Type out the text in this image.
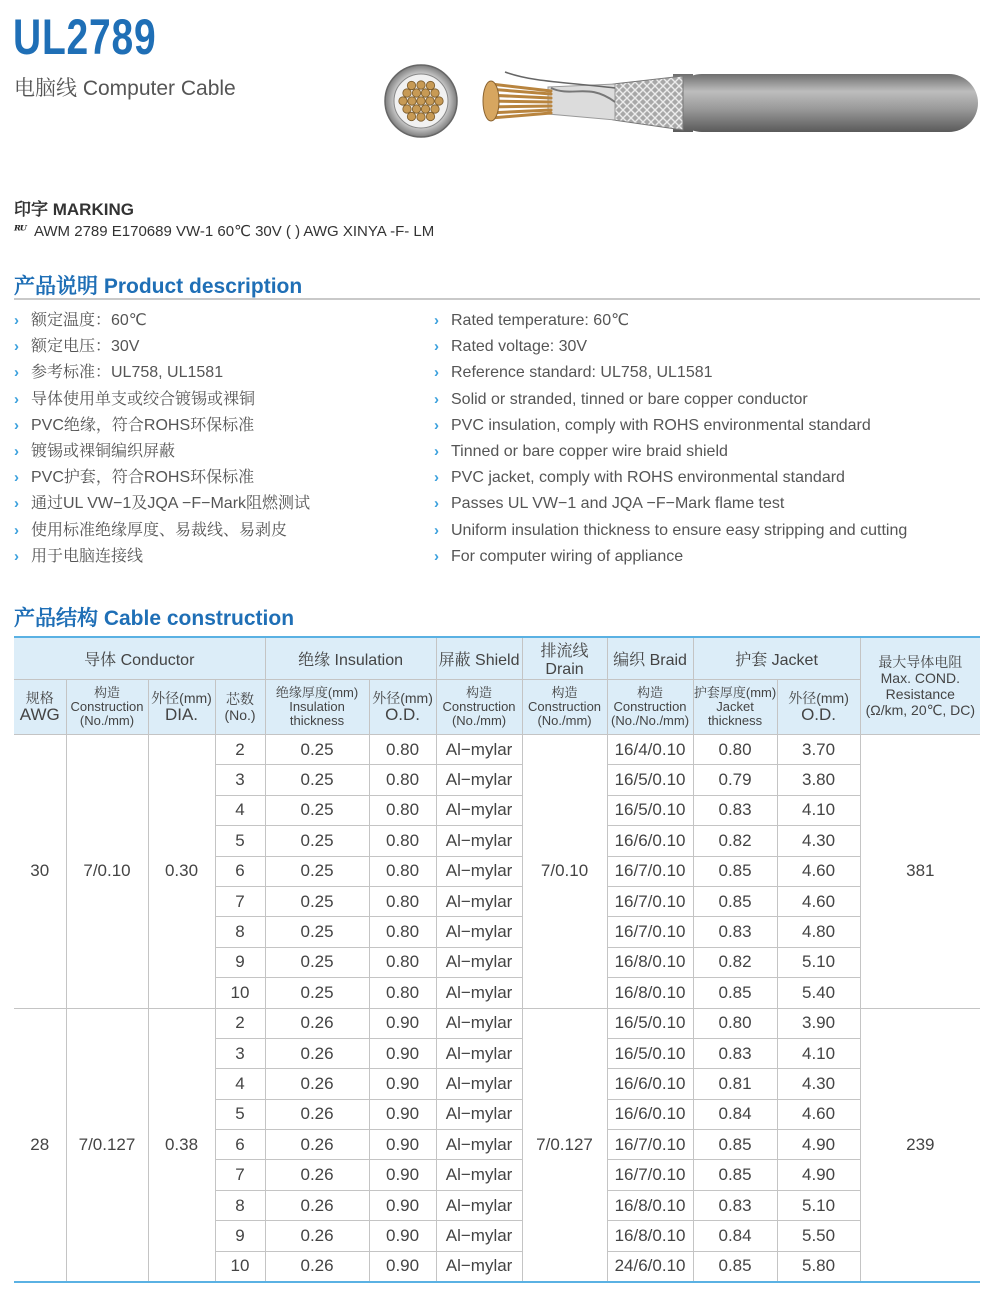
UL2789
电脑线 Computer Cable
印字 MARKING
ᴿᵁ AWM 2789 E170689 VW-1 60℃ 30V ( ) AWG XINYA -F- LM
产品说明 Product description
› 额定温度：60℃
› 额定电压：30V
› 参考标准：UL758, UL1581
› 导体使用单支或绞合镀锡或裸铜
› PVC绝缘，符合ROHS环保标准
› 镀锡或裸铜编织屏蔽
› PVC护套，符合ROHS环保标准
› 通过UL VW−1及JQA −F−Mark阻燃测试
› 使用标准绝缘厚度、易裁线、易剥皮
› 用于电脑连接线
› Rated temperature: 60℃
› Rated voltage: 30V
› Reference standard: UL758, UL1581
› Solid or stranded, tinned or bare copper conductor
› PVC insulation, comply with ROHS environmental standard
› Tinned or bare copper wire braid shield
› PVC jacket, comply with ROHS environmental standard
› Passes UL VW−1 and JQA −F−Mark flame test
› Uniform insulation thickness to ensure easy stripping and cutting
› For computer wiring of appliance
产品结构 Cable construction
导体 Conductor				绝缘 Insulation		屏蔽 Shield	排流线 Drain	编织 Braid	护套 Jacket		最大导体电阻
Max. COND.
Resistance
(Ω/km, 20℃, DC)

规格
AWG	构造
Construction
(No./mm)	外径(mm)
DIA.	芯数
(No.)	绝缘厚度(mm)
Insulation
thickness	外径(mm)
O.D.	构造
Construction
(No./mm)	构造
Construction
(No./mm)	构造
Construction
(No./No./mm)	护套厚度(mm)
Jacket
thickness	外径(mm)
O.D.	

30	7/0.10	0.30	2	0.25	0.80	Al−mylar	7/0.10	16/4/0.10	0.80	3.70	381
			3	0.25	0.80	Al−mylar		16/5/0.10	0.79	3.80	
			4	0.25	0.80	Al−mylar		16/5/0.10	0.83	4.10	
			5	0.25	0.80	Al−mylar		16/6/0.10	0.82	4.30	
			6	0.25	0.80	Al−mylar		16/7/0.10	0.85	4.60	
			7	0.25	0.80	Al−mylar		16/7/0.10	0.85	4.60	
			8	0.25	0.80	Al−mylar		16/7/0.10	0.83	4.80	
			9	0.25	0.80	Al−mylar		16/8/0.10	0.82	5.10	
			10	0.25	0.80	Al−mylar		16/8/0.10	0.85	5.40	
28	7/0.127	0.38	2	0.26	0.90	Al−mylar	7/0.127	16/5/0.10	0.80	3.90	239
			3	0.26	0.90	Al−mylar		16/5/0.10	0.83	4.10	
			4	0.26	0.90	Al−mylar		16/6/0.10	0.81	4.30	
			5	0.26	0.90	Al−mylar		16/6/0.10	0.84	4.60	
			6	0.26	0.90	Al−mylar		16/7/0.10	0.85	4.90	
			7	0.26	0.90	Al−mylar		16/7/0.10	0.85	4.90	
			8	0.26	0.90	Al−mylar		16/8/0.10	0.83	5.10	
			9	0.26	0.90	Al−mylar		16/8/0.10	0.84	5.50	
			10	0.26	0.90	Al−mylar		24/6/0.10	0.85	5.80	
